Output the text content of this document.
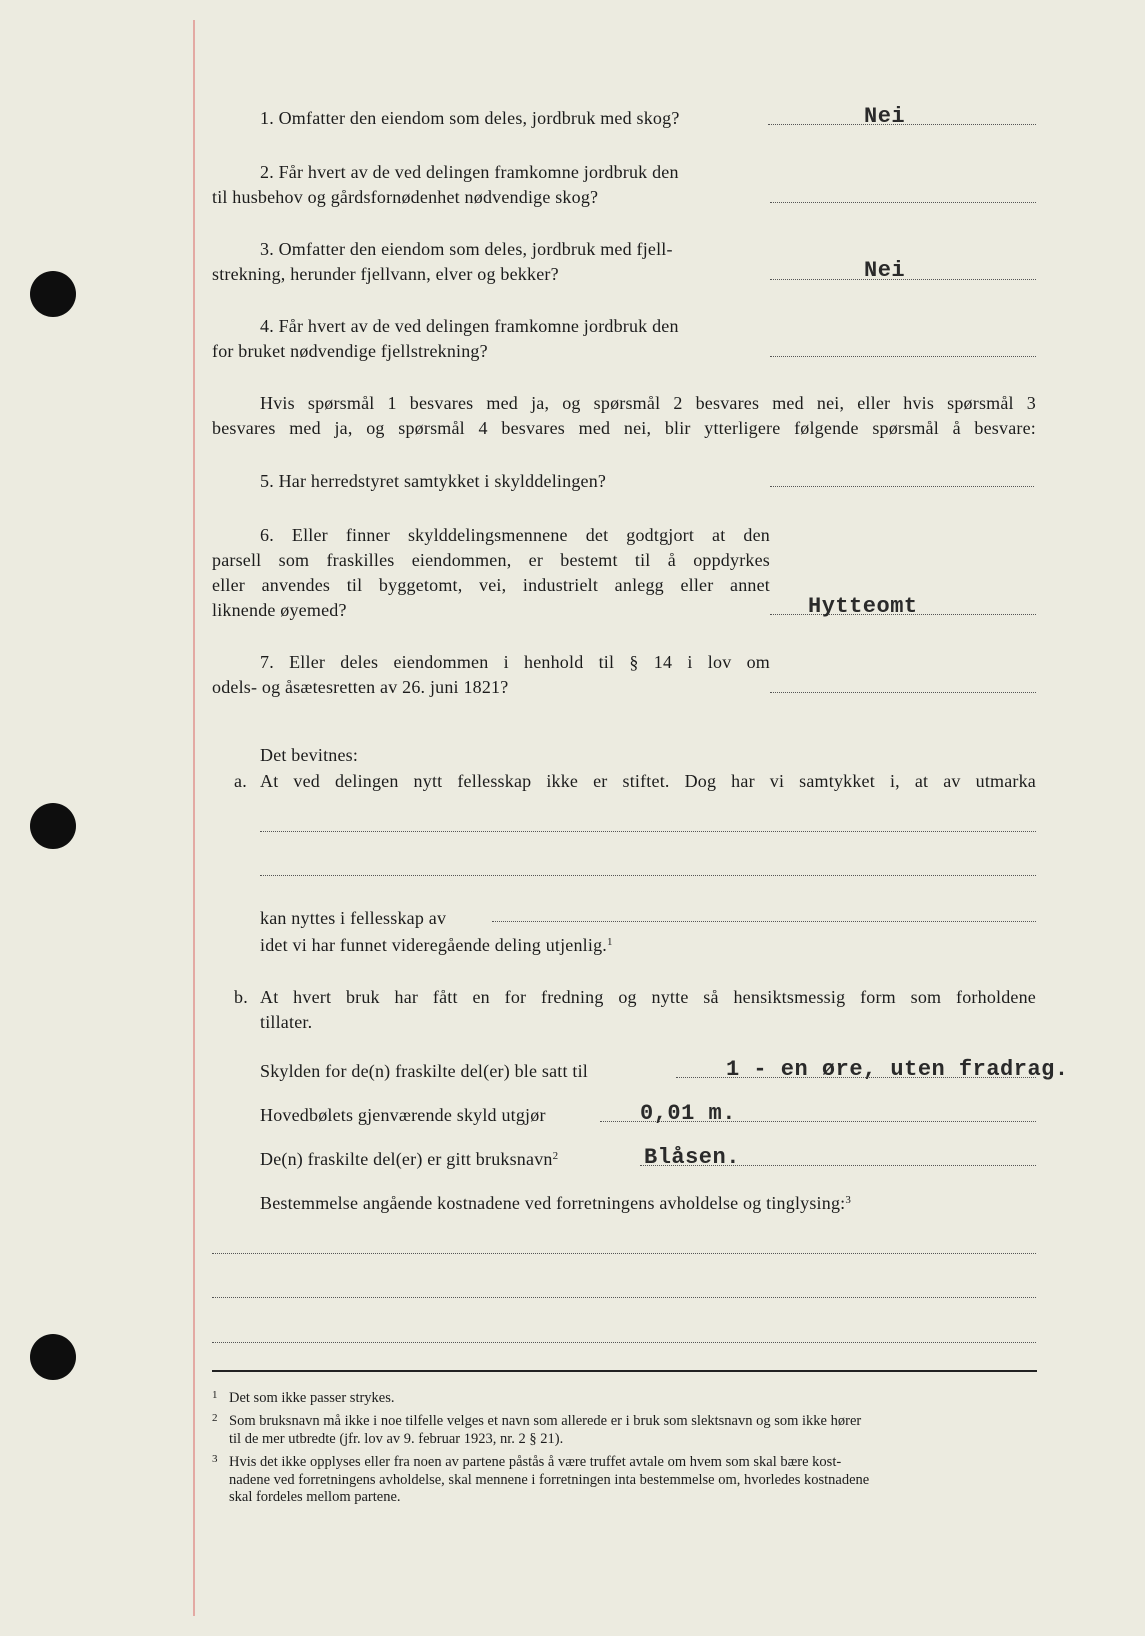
1. Omfatter den eiendom som deles, jordbruk med skog?	Nei
2. Får hvert av de ved delingen framkomne jordbruk den
til husbehov og gårdsfornødenhet nødvendige skog?
3. Omfatter den eiendom som deles, jordbruk med fjell-
strekning, herunder fjellvann, elver og bekker?	Nei
4. Får hvert av de ved delingen framkomne jordbruk den
for bruket nødvendige fjellstrekning?
Hvis spørsmål 1 besvares med ja, og spørsmål 2 besvares med nei, eller hvis spørsmål 3
besvares med ja, og spørsmål 4 besvares med nei, blir ytterligere følgende spørsmål å besvare:
5. Har herredstyret samtykket i skylddelingen?
6. Eller finner skylddelingsmennene det godtgjort at den
parsell som fraskilles eiendommen, er bestemt til å oppdyrkes
eller anvendes til byggetomt, vei, industrielt anlegg eller annet
liknende øyemed?	Hytteomt
7. Eller deles eiendommen i henhold til § 14 i lov om
odels- og åsætesretten av 26. juni 1821?
Det bevitnes:
a. At ved delingen nytt fellesskap ikke er stiftet. Dog har vi samtykket i, at av utmarka
kan nyttes i fellesskap av
idet vi har funnet videregående deling utjenlig.$^1$
b. At hvert bruk har fått en for fredning og nytte så hensiktsmessig form som forholdene
tillater.
Skylden for de(n) fraskilte del(er) ble satt til	1 - en øre, uten fradrag.
Hovedbølets gjenværende skyld utgjør	0,01 m.
De(n) fraskilte del(er) er gitt bruksnavn$^2$	Blåsen.
Bestemmelse angående kostnadene ved forretningens avholdelse og tinglysing:$^3$
1 Det som ikke passer strykes.
2 Som bruksnavn må ikke i noe tilfelle velges et navn som allerede er i bruk som slektsnavn og som ikke hører
til de mer utbredte (jfr. lov av 9. februar 1923, nr. 2 § 21).
3 Hvis det ikke opplyses eller fra noen av partene påstås å være truffet avtale om hvem som skal bære kost-
nadene ved forretningens avholdelse, skal mennene i forretningen inta bestemmelse om, hvorledes kostnadene
skal fordeles mellom partene.
